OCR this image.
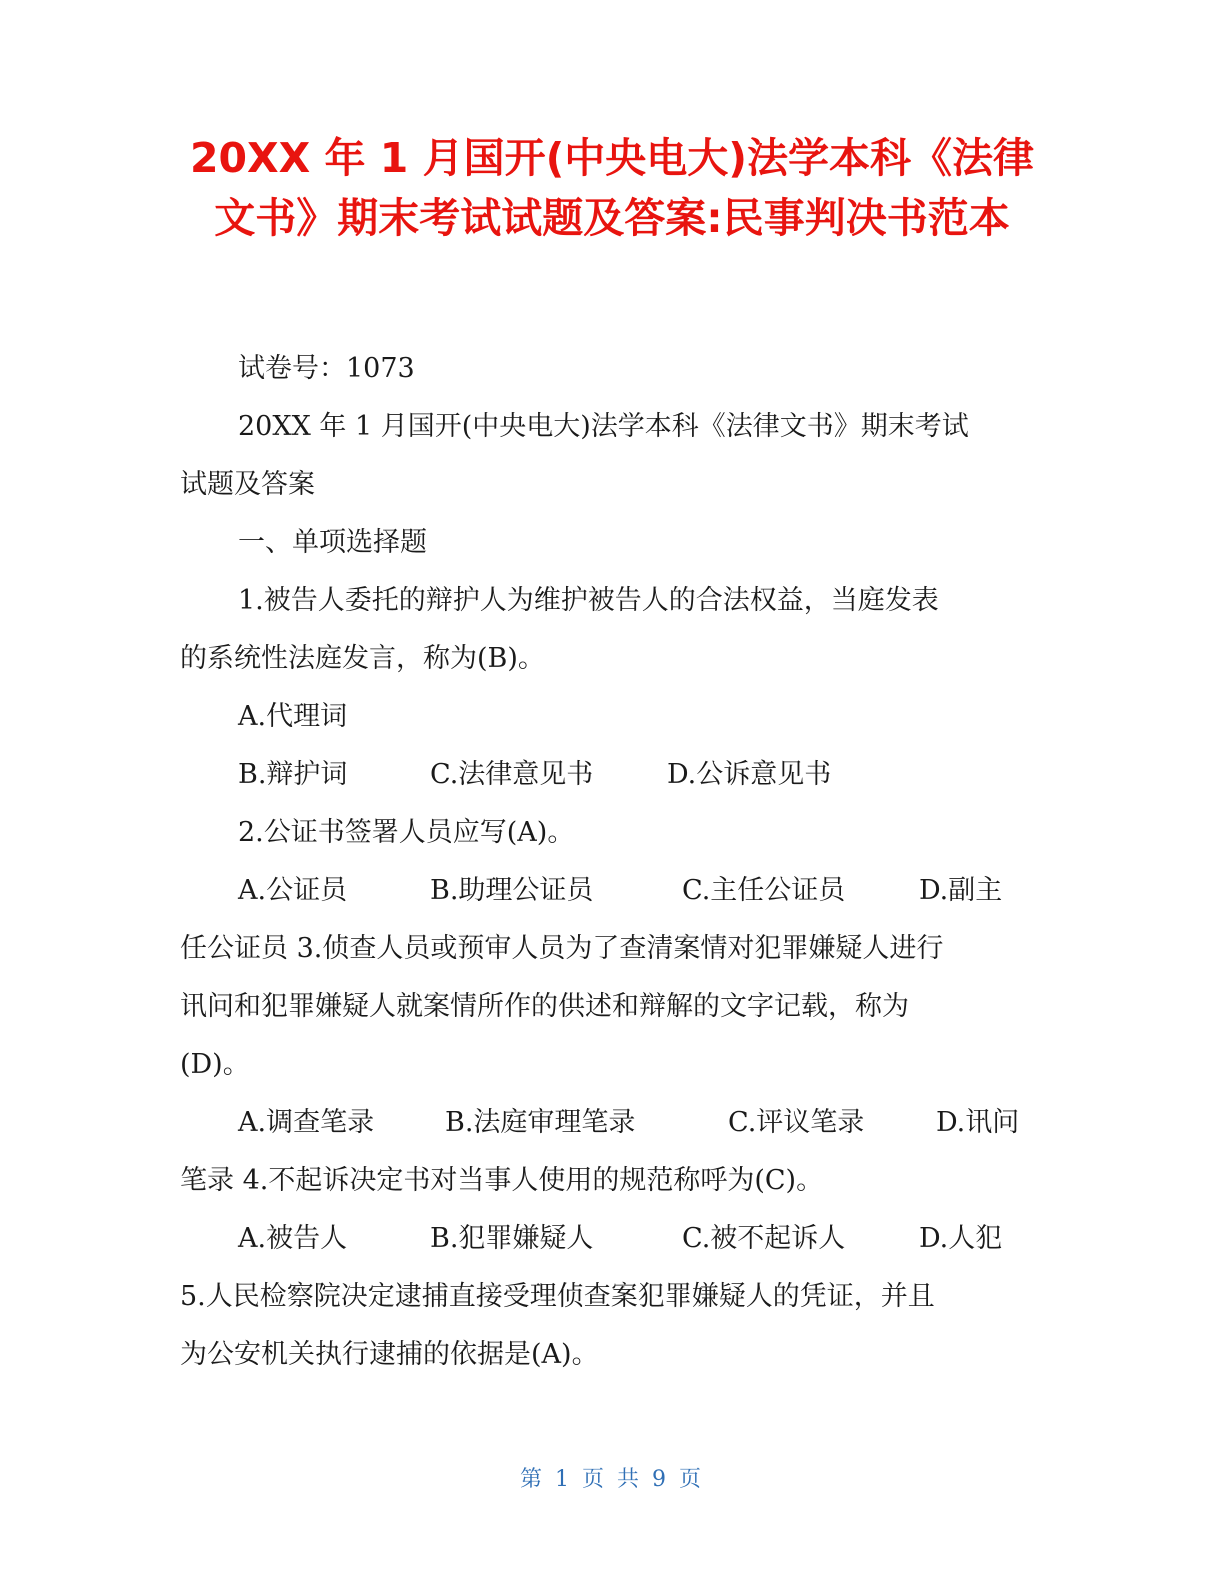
20XX 年 1 月国开(中央电大)法学本科《法律
文书》期末考试试题及答案:民事判决书范本

试卷号：1073

20XX 年 1 月国开(中央电大)法学本科《法律文书》期末考试

试题及答案

一、单项选择题

1.被告人委托的辩护人为维护被告人的合法权益，当庭发表

的系统性法庭发言，称为(B)。

A.代理词

B.辩护词	C.法律意见书	D.公诉意见书

2.公证书签署人员应写(A)。

A.公证员	B.助理公证员	C.主任公证员	D.副主

任公证员 3.侦查人员或预审人员为了查清案情对犯罪嫌疑人进行
讯问和犯罪嫌疑人就案情所作的供述和辩解的文字记载，称为
(D)。

A.调查笔录	B.法庭审理笔录	C.评议笔录	D.讯问

笔录 4.不起诉决定书对当事人使用的规范称呼为(C)。

A.被告人	B.犯罪嫌疑人	C.被不起诉人	D.人犯

5.人民检察院决定逮捕直接受理侦查案犯罪嫌疑人的凭证，并且
为公安机关执行逮捕的依据是(A)。

第 1 页 共 9 页
